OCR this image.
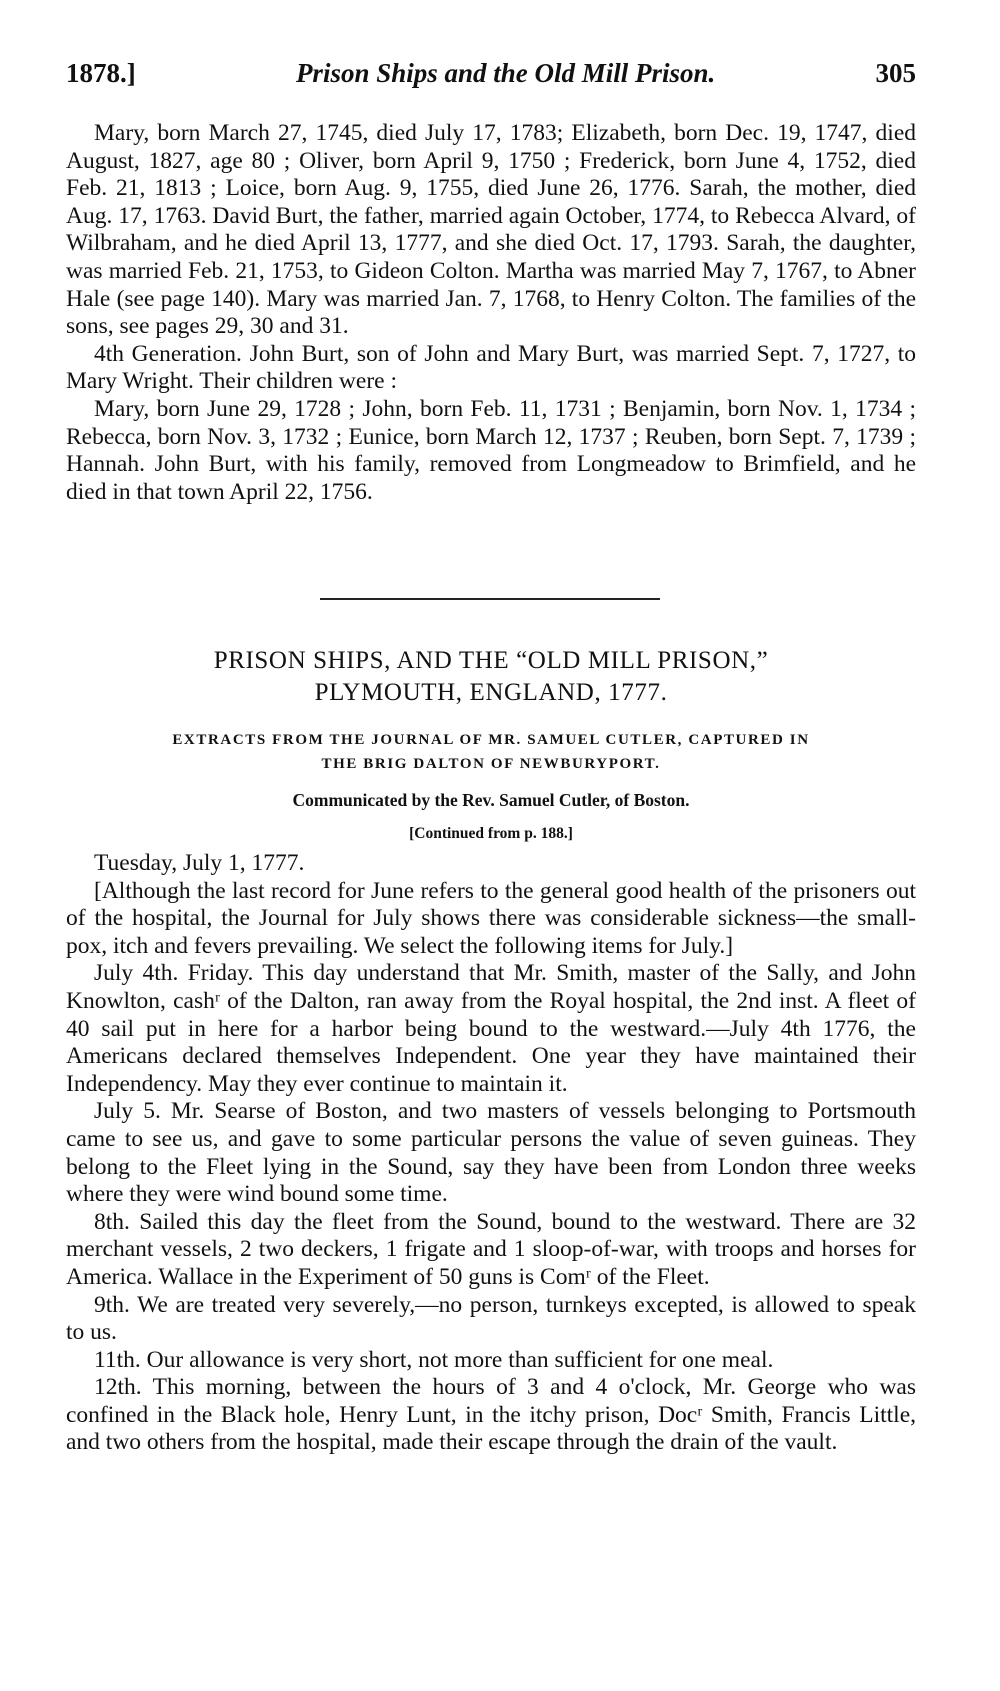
1878.]	Prison Ships and the Old Mill Prison.	305

Mary, born March 27, 1745, died July 17, 1783; Elizabeth, born Dec. 19, 1747, died August, 1827, age 80 ; Oliver, born April 9, 1750 ; Frederick, born June 4, 1752, died Feb. 21, 1813 ; Loice, born Aug. 9, 1755, died June 26, 1776. Sarah, the mother, died Aug. 17, 1763. David Burt, the father, married again October, 1774, to Rebecca Alvard, of Wilbraham, and he died April 13, 1777, and she died Oct. 17, 1793. Sarah, the daughter, was married Feb. 21, 1753, to Gideon Colton. Martha was married May 7, 1767, to Abner Hale (see page 140). Mary was married Jan. 7, 1768, to Henry Colton. The families of the sons, see pages 29, 30 and 31.

4th Generation. John Burt, son of John and Mary Burt, was married Sept. 7, 1727, to Mary Wright. Their children were :

Mary, born June 29, 1728 ; John, born Feb. 11, 1731 ; Benjamin, born Nov. 1, 1734 ; Rebecca, born Nov. 3, 1732 ; Eunice, born March 12, 1737 ; Reuben, born Sept. 7, 1739 ; Hannah. John Burt, with his family, removed from Longmeadow to Brimfield, and he died in that town April 22, 1756.

PRISON SHIPS, AND THE “OLD MILL PRISON,”
PLYMOUTH, ENGLAND, 1777.
EXTRACTS FROM THE JOURNAL OF MR. SAMUEL CUTLER, CAPTURED IN
THE BRIG DALTON OF NEWBURYPORT.
Communicated by the Rev. Samuel Cutler, of Boston.
[Continued from p. 188.]

Tuesday, July 1, 1777.

[Although the last record for June refers to the general good health of the prisoners out of the hospital, the Journal for July shows there was considerable sickness—the small-pox, itch and fevers prevailing. We select the following items for July.]

July 4th. Friday. This day understand that Mr. Smith, master of the Sally, and John Knowlton, cashʳ of the Dalton, ran away from the Royal hospital, the 2nd inst. A fleet of 40 sail put in here for a harbor being bound to the westward.—July 4th 1776, the Americans declared themselves Independent. One year they have maintained their Independency. May they ever continue to maintain it.

July 5. Mr. Searse of Boston, and two masters of vessels belonging to Portsmouth came to see us, and gave to some particular persons the value of seven guineas. They belong to the Fleet lying in the Sound, say they have been from London three weeks where they were wind bound some time.

8th. Sailed this day the fleet from the Sound, bound to the westward. There are 32 merchant vessels, 2 two deckers, 1 frigate and 1 sloop-of-war, with troops and horses for America. Wallace in the Experiment of 50 guns is Comʳ of the Fleet.

9th. We are treated very severely,—no person, turnkeys excepted, is allowed to speak to us.

11th. Our allowance is very short, not more than sufficient for one meal.

12th. This morning, between the hours of 3 and 4 o'clock, Mr. George who was confined in the Black hole, Henry Lunt, in the itchy prison, Docʳ Smith, Francis Little, and two others from the hospital, made their escape through the drain of the vault.
